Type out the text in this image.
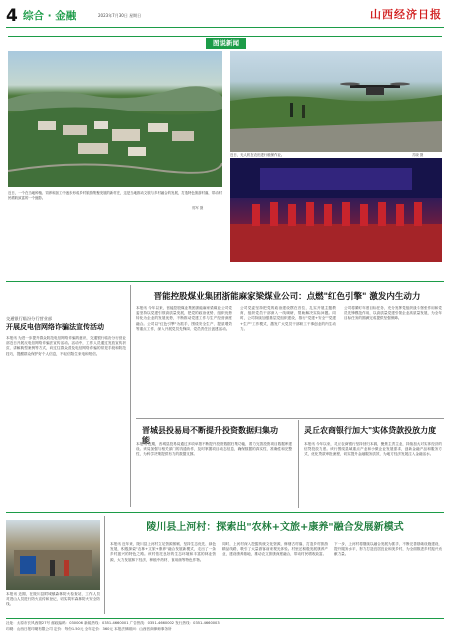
4 综合 · 金融	2023年7月30日 星期日	山西经济日报
图说新闻
近日，一个在当地种植、饲养和加工中逐步形成乡村旅游集聚发展的新村庄，这是当地推动文旅与乡村融合的发展，打造特色旅游村落，带动村民增收致富的一个缩影。
郭军 摄
近日，无人机在农田进行植保作业。	苏晓 摄
交通银行临汾分行营业部
开展反电信网络诈骗法宣传活动
本报讯 为进一步提升群众防范电信网络诈骗的意识，交通银行临汾分行营业部近日开展反电信网络诈骗法宣传活动。活动中，工作人员通过发放宣传折页、讲解典型案例等方式，向过往群众普及电信网络诈骗的常见手段和防范技巧，提醒群众保护好个人信息，不轻信陌生来电和短信。
晋能控股煤业集团浙能麻家梁煤业公司：点燃"红色引擎" 激发内生动力
本报讯 今年以来，晋能控股煤业集团浙能麻家梁煤业公司党委坚持以党建引领高质量发展，把党的政治优势、组织优势转化为企业的发展优势，不断推动党建工作与生产经营深度融合。公司以"红色引擎"为抓手，围绕安全生产、提质增效等重点工作，深入开展党员先锋岗、党员责任区创建活动。
公司党委坚持把党的政治建设摆在首位，扎实开展主题教育，组织党员干部深入一线调研，帮助解决实际问题。同时，公司持续加强基层党组织建设，推行"党建+安全""党建+生产"工作模式，激发广大党员干部职工干事创业的内生动力。
公司将紧盯年度目标任务，充分发挥党组织战斗堡垒作用和党员先锋模范作用，以高质量党建引领企业高质量发展，为全年目标任务的圆满完成提供坚强保障。
晋城县投易局不断提升投资数据归集功能
本报讯 近期，晋城县投易局通过多项举措不断提升投资数据归集功能，着力完善投资项目数据库建设。该局加强与相关部门的沟通协作，及时掌握项目动态信息，确保数据的真实性、准确性和完整性，为科学决策提供有力的数据支撑。
灵丘农商银行加大"实体贷款投放力度
本报讯 今年以来，灵丘农商银行坚持回归本源，聚焦主责主业，持续加大对实体经济的信贷投放力度。该行围绕县域重点产业和小微企业发展需求，创新金融产品和服务方式，优化贷款审批流程，切实提升金融服务质效，为地方经济发展注入金融活水。
本报讯 近期，在陵川县附城镇森林防火检查站，工作人员对进山人员进行防火宣传和登记，切实筑牢森林防火安全防线。
陵川县上河村：探索出"农林+文旅+康养"融合发展新模式
本报讯 近年来，陵川县上河村立足资源禀赋，坚持生态优先、绿色发展，积极探索"农林+文旅+康养"融合发展新模式，走出了一条乡村振兴的特色之路。该村依托良好的生态环境和丰富的林业资源，大力发展林下经济，种植中药材、食用菌等特色作物。
同时，上河村深入挖掘传统文化资源，修缮古村落，打造乡村旅游精品线路，吸引了大量游客前来观光体验。村里还积极发展康养产业，建设康养基地，推动农文旅康深度融合，带动村民增收致富。
下一步，上河村将继续以融合发展为抓手，不断完善基础设施建设，提升服务水平，努力打造宜居宜业和美乡村，为全面推进乡村振兴贡献力量。
社址：太原市长风西街27号 邮政编码：030006 新闻热线：0351-4660001 广告热线：0351-4660002 发行热线：0351-4660003
印刷：山西日报印刷有限公司 定价：每份1.50元 全年定价：360元 本报法律顾问：山西晋商律师事务所
